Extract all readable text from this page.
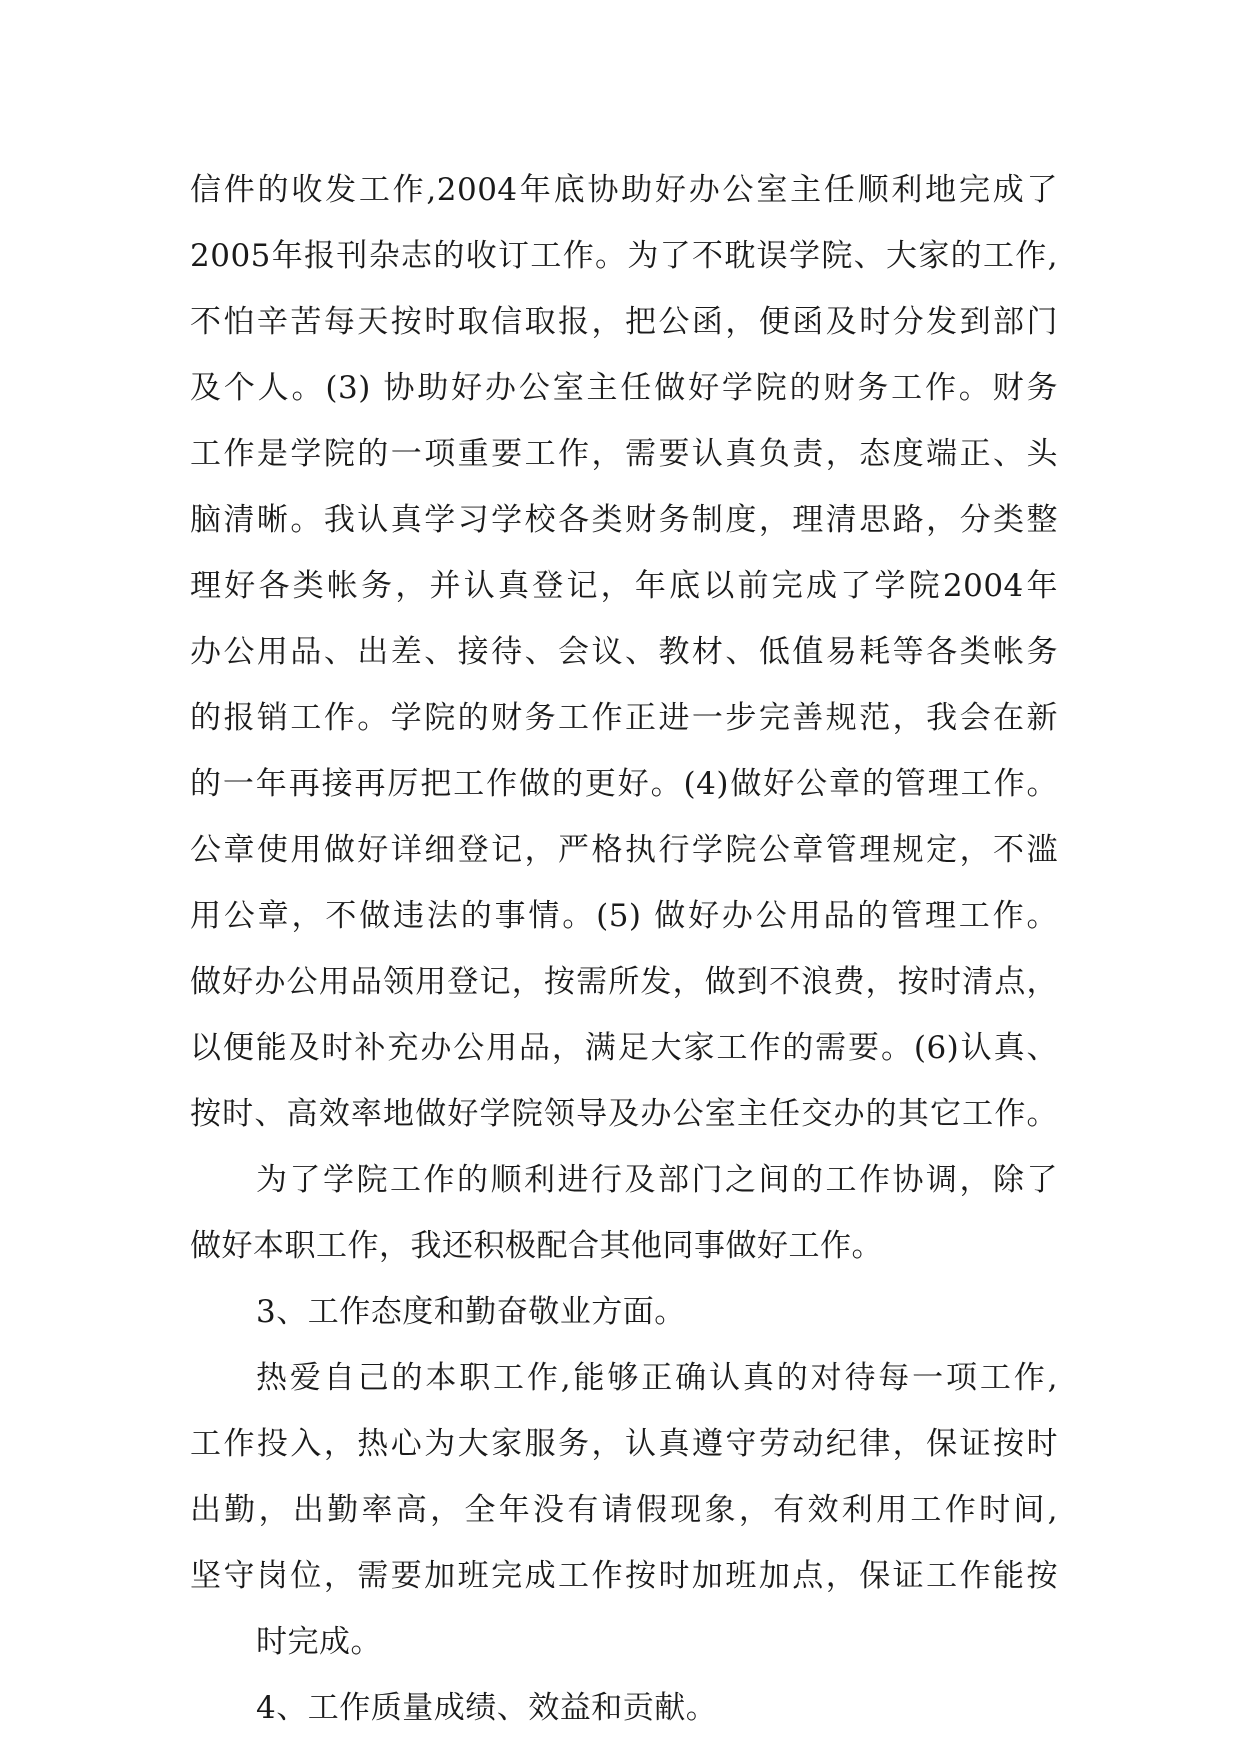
信件的收发工作,2004年底协助好办公室主任顺利地完成了
2005年报刊杂志的收订工作。为了不耽误学院、大家的工作,
不怕辛苦每天按时取信取报，把公函，便函及时分发到部门
及个人。(3) 协助好办公室主任做好学院的财务工作。财务
工作是学院的一项重要工作，需要认真负责，态度端正、头
脑清晰。我认真学习学校各类财务制度，理清思路，分类整
理好各类帐务，并认真登记，年底以前完成了学院2004年
办公用品、出差、接待、会议、教材、低值易耗等各类帐务
的报销工作。学院的财务工作正进一步完善规范，我会在新
的一年再接再厉把工作做的更好。(4)做好公章的管理工作。
公章使用做好详细登记，严格执行学院公章管理规定，不滥
用公章，不做违法的事情。(5) 做好办公用品的管理工作。
做好办公用品领用登记，按需所发，做到不浪费，按时清点，
以便能及时补充办公用品，满足大家工作的需要。(6)认真、
按时、高效率地做好学院领导及办公室主任交办的其它工作。
为了学院工作的顺利进行及部门之间的工作协调，除了
做好本职工作，我还积极配合其他同事做好工作。
3、工作态度和勤奋敬业方面。
热爱自己的本职工作,能够正确认真的对待每一项工作,
工作投入，热心为大家服务，认真遵守劳动纪律，保证按时
出勤，出勤率高，全年没有请假现象，有效利用工作时间,
坚守岗位，需要加班完成工作按时加班加点，保证工作能按
时完成。
4、工作质量成绩、效益和贡献。
